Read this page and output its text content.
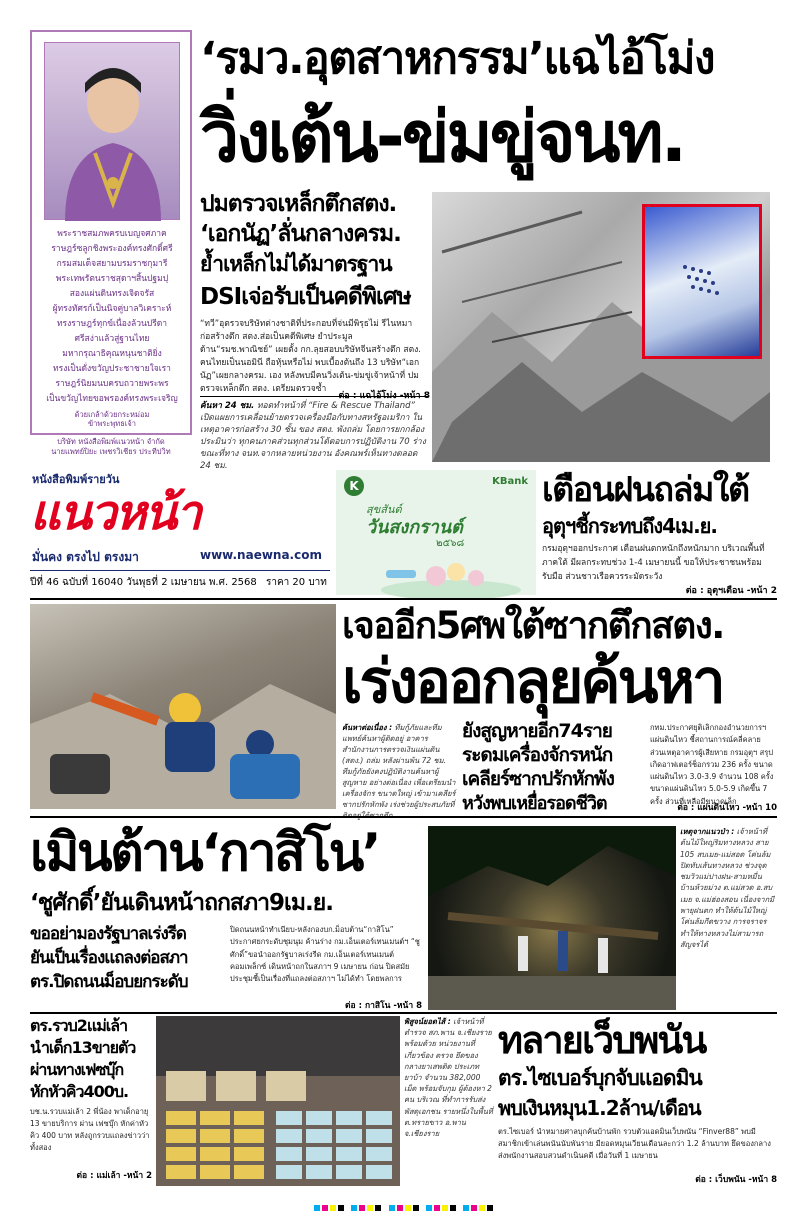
พระราชสมภพครบเบญจศภาค
ราษฎร์ซลูกชิงพระองค์ทรงศักดิ์ศรี
กรมสมเด็จสยามบรมราชกุมารี
พระเทพรัตนราชสุดาฯสิ้นปฐมปุ
สองแผ่นดินทรงเจิดจรัส
ผู้ทรงทัศรก์เป็นนิจคู่บาลวิเคราะห์
ทรงราษฎร์ทุกข์เนื่องล้วนปรีดา
ศรีสง่าแล้วสู่ฐานไทย
มหากรุณาธิคุณหนุนชาติยิ่ง
ทรงเป็นดั่งขวัญประชาชายใจเรา
ราษฎร์นิยมนบครบถวายพระพร
เป็นขวัญไทยขอพรองค์ทรงพระเจริญ
ด้วยเกล้าด้วยกระหม่อม
ข้าพระพุทธเจ้า
บริษัท หนังสือพิมพ์แนวหน้า จำกัด
นายแพทย์ปิยะ เพชรวิเชียร ประทีปวิท
‘รมว.อุตสาหกรรม’แฉไอ้โม่ง
วิ่งเต้น-ข่มขู่จนท.
ปมตรวจเหล็กตึกสตง.
‘เอกนัฏ’ลั่นกลางครม.
ย้ำเหล็กไม่ได้มาตรฐาน
DSIเจ่อรับเป็นคดีพิเศษ
“ทวี”อุตรวจบริษัทต่างชาติที่ประกอบที่จ่นมีพิรุธไม่ รีไนหมา ก่อสร้างตึก สตง.ส่อเป็นคดีพิเศษ ยำประมูล ด้าน“รมช.พาณิชย์” เผยตั้ง กก.ลุยสอบบริษัทจีนสร้างตึก สตง. คนไทยเป็นนอมินี ถือหุ้นหรือไม่ พบเบื้องต้นถึง 13 บริษัท“เอกนัฏ”เผยกลางครม. เอง หลังพบมีคนวิ่งเต้น-ข่มขู่เจ้าหน้าที่ ปมตรวจเหล็กตึก สตง. เตรียมตรวจซ้ำ
ต่อ : แฉไอ้โม่ง -หน้า 8
ค้นหา 24 ชม. ทอดทำหน้าที่ “Fire & Rescue Thailand” เปิดแผยการเคลื่อนย้ายตรวจเครื่องมือกับทางสหรัฐอเมริกา ในเหตุอาคารก่อสร้าง 30 ชั้น ของ สตง. พังถล่ม โดยการยกกล้อง ประมินว่า ทุกคนภาคส่วนทุกส่วนโต้ตอบการปฏิบัติงาน 70 ร่าง ขณะที่ทาง จนท.จากหลายหน่วยงาน อังคณพร์เห็นทางตลอด 24 ชม.
หนังสือพิมพ์รายวัน
แนวหน้า
มั่นคง ตรงไป ตรงมา	www.naewna.com
ปีที่ 46 ฉบับที่ 16040 วันพุธที่ 2 เมษายน พ.ศ. 2568 ราคา 20 บาท
KBank
K
สุขสันต์
วันสงกรานต์
๒๕๖๘
เตือนฝนถล่มใต้
อุตุฯชี้กระทบถึง4เม.ย.
กรมอุตุฯออกประกาศ เตือนฝนตกหนักถึงหนักมาก บริเวณพื้นที่ ภาคใต้ มีผลกระทบช่วง 1-4 เมษายนนี้ ขอให้ประชาชนพร้อมรับมือ ส่วนชาวเรือควรระมัดระวัง
ต่อ : อุตุฯเตือน -หน้า 2
เจออีก5ศพใต้ซากตึกสตง.
เร่งออกลุยค้นหา
ค้นหาต่อเนื่อง : ทีมกู้ภัยและทีมแพทย์ค้นหาผู้ติดอยู่ อาคารสำนักงานการตรวจเงินแผ่นดิน (สตง.) ถล่ม หลังผ่านพ้น 72 ชม. ทีมกู้ภัยยังคงปฏิบัติงานค้นหาผู้สูญหาย อย่างต่อเนื่อง เพื่อเตรียมนำเครื่องจักร ขนาดใหญ่ เข้ามาเคลียร์ซากปรักหักพัง เร่งช่วยผู้ประสบภัยที่
ยังสูญหายอีก74ราย
ระดมเครื่องจักรหนัก
เคลียร์ซากปรักหักพัง
หวังพบเหยื่อรอดชีวิต
กทม.ประกาศยุติเลิกกองอำนวยการฯ แผ่นดินไหว ชี้สถานการณ์คลี่คลาย ส่วนเหตุอาคารผู้เสียหาย กรมอุตุฯ สรุปเกิดอาฟเตอร์ช็อกรวม 236 ครั้ง ขนาดแผ่นดินไหว 3.0-3.9 จำนวน 108 ครั้ง ขนาดแผ่นดินไหว 5.0-5.9 เกิดขึ้น 7 ครั้ง ส่วนที่เหลือมีขนาดเล็ก
ต่อ : แผ่นดินไหว -หน้า 10
เมินต้าน‘กาสิโน’
‘ชูศักดิ์’ยันเดินหน้าถกสภา9เม.ย.
ขออย่ามองรัฐบาลเร่งรีด
ยันเป็นเรื่องแถลงต่อสภา
ตร.ปิดถนนม็อบยกระดับ
ปิดถนนหน้าทำเนียบ-หลังกองบก.ม็อบต้าน“กาสิโน” ประกาศยกระดับชุมนุม ค้านร่าง กม.เอ็นเตอร์เทนเมนต์ฯ “ชูศักดิ์”ขอนำออกรัฐบาลเร่งรีด กม.เอ็นเตอร์เทนเมนต์ คอมเพล็กซ์ เดินหน้าถกในสภาฯ 9 เมษายน ก่อน ปิดสมัยประชุมชี้เป็นเรื่องที่แถลงต่อสภาฯ ไม่ได้ทำ โดยพลการ
ต่อ : กาสิโน -หน้า 8
เหตุจากแนวป่า : เจ้าหน้าที่ ต้นไม้ใหญ่ริมทางหลวง สาย 105 สบเมย-แม่สอด โค่นล้มปิดทับเส้นทางหลวง ช่วงจุด ชมวิวแม่ปางฝน-สามหมื่น บ้านห้วยม่วง ต.แม่สวด อ.สบเมย จ.แม่ฮ่องสอน เนื่องจากมีพายุฝนตก ทำให้ต้นไม้ใหญ่โค่นล้มกีดขวาง การจราจร ทำให้ทางหลวงไม่สามารถสัญจรได้
ตร.รวบ2แม่เล้า
นำเด็ก13ขายตัว
ผ่านทางเฟซบุ๊ก
หักหัวคิว400บ.
บช.น.รวบแม่เล้า 2 พี่น้อง พาเด็กอายุ 13 ขายบริการ ผ่าน เฟซบุ๊ก หักค่าหัวคิว 400 บาท หลังถูกรวบแถลงข่าวว่า ทั้งสอง
ต่อ : แม่เล้า -หน้า 2
พิสูจน์ยอดไส้ : เจ้าหน้าที่ตำรวจ สภ.พาน จ.เชียงราย พร้อมด้วย หน่วยงานที่เกี่ยวข้อง ตรวจ ยึดของกลางยาเสพติด ประเภทยาบ้า จำนวน 382,000 เม็ด พร้อมจับกุม ผู้ต้องหา 2 คน บริเวณ ที่ทำการรับส่งพัสดุเอกชน รายหนึ่งในพื้นที่ ต.ทรายขาว อ.พาน จ.เชียงราย
ทลายเว็บพนัน
ตร.ไซเบอร์บุกจับแอดมิน
พบเงินหมุน1.2ล้าน/เดือน
ตร.ไซเบอร์ นำหมายศาลบุกค้นบ้านพัก รวบตัวแอดมินเว็บพนัน “Finver88” พบมีสมาชิกเข้าเล่นพนันนับพันราย มียอดหมุนเวียนเดือนละกว่า 1.2 ล้านบาท ยึดของกลาง ส่งพนักงานสอบสวนดำเนินคดี เมื่อวันที่ 1 เมษายน
ต่อ : เว็บพนัน -หน้า 8
